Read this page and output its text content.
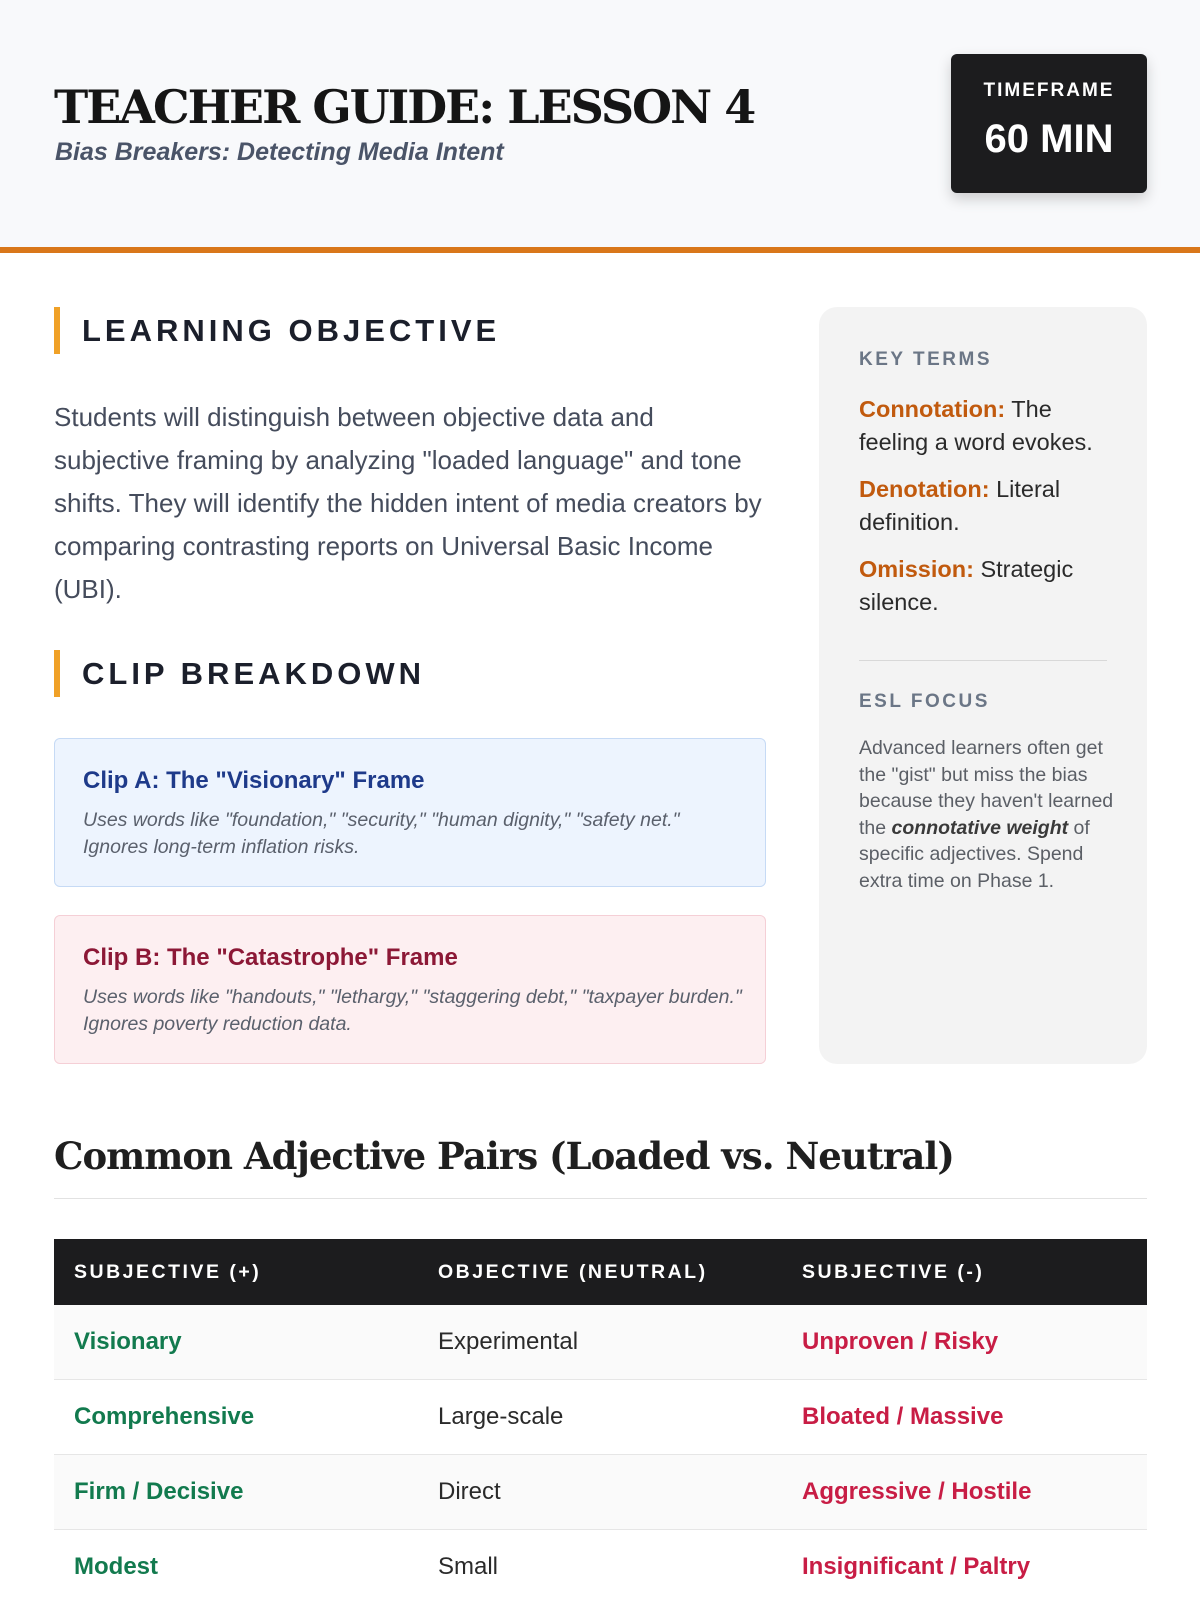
TEACHER GUIDE: LESSON 4
Bias Breakers: Detecting Media Intent
TIMEFRAME
60 MIN
LEARNING OBJECTIVE
Students will distinguish between objective data and subjective framing by analyzing "loaded language" and tone shifts. They will identify the hidden intent of media creators by comparing contrasting reports on Universal Basic Income (UBI).
CLIP BREAKDOWN
Clip A: The "Visionary" Frame
Uses words like "foundation," "security," "human dignity," "safety net." Ignores long-term inflation risks.
Clip B: The "Catastrophe" Frame
Uses words like "handouts," "lethargy," "staggering debt," "taxpayer burden." Ignores poverty reduction data.
KEY TERMS
Connotation: The feeling a word evokes.
Denotation: Literal definition.
Omission: Strategic silence.
ESL FOCUS
Advanced learners often get the "gist" but miss the bias because they haven't learned the connotative weight of specific adjectives. Spend extra time on Phase 1.
Common Adjective Pairs (Loaded vs. Neutral)
SUBJECTIVE (+)	OBJECTIVE (NEUTRAL)	SUBJECTIVE (-)
Visionary	Experimental	Unproven / Risky
Comprehensive	Large-scale	Bloated / Massive
Firm / Decisive	Direct	Aggressive / Hostile
Modest	Small	Insignificant / Paltry
